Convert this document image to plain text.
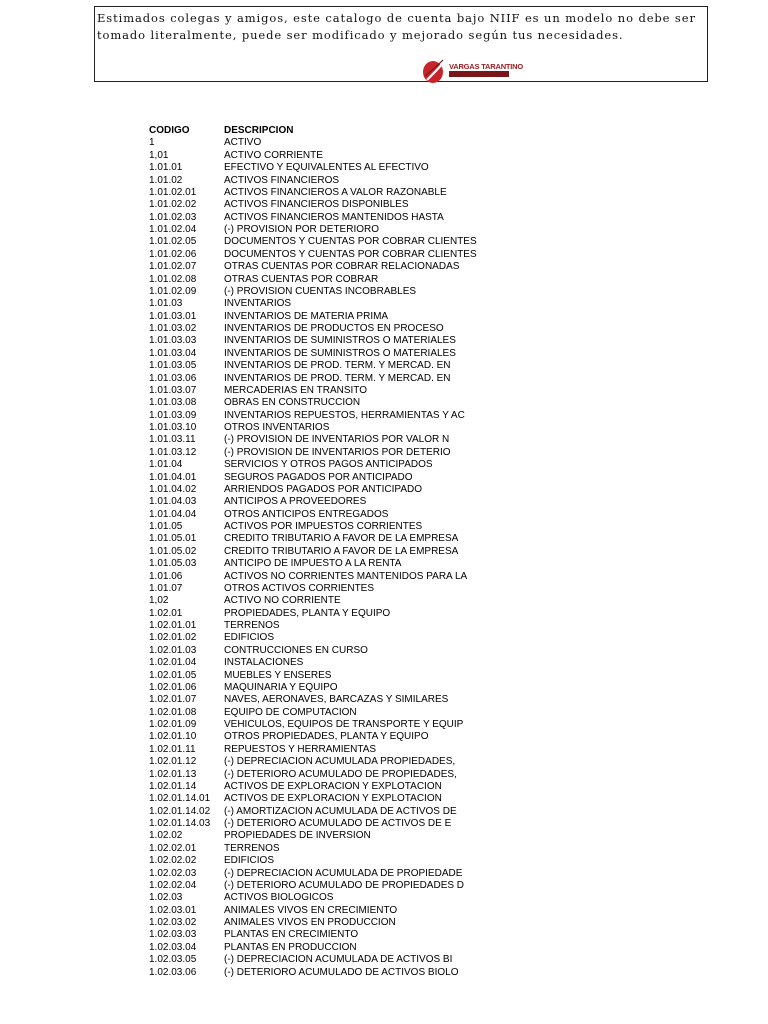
Estimados colegas y amigos, este catalogo de cuenta bajo NIIF es un modelo no debe ser tomado literalmente, puede ser modificado y mejorado según tus necesidades.
VARGAS TARANTINO
CODIGO	DESCRIPCION
1	ACTIVO
1,01	ACTIVO CORRIENTE
1.01.01	EFECTIVO Y EQUIVALENTES AL EFECTIVO
1.01.02	ACTIVOS FINANCIEROS
1.01.02.01	ACTIVOS FINANCIEROS A VALOR RAZONABLE
1.01.02.02	ACTIVOS FINANCIEROS DISPONIBLES
1.01.02.03	ACTIVOS FINANCIEROS MANTENIDOS HASTA
1.01.02.04	(-) PROVISION POR DETERIORO
1.01.02.05	DOCUMENTOS Y CUENTAS POR COBRAR CLIENTES
1.01.02.06	DOCUMENTOS Y CUENTAS POR COBRAR CLIENTES
1.01.02.07	OTRAS CUENTAS POR COBRAR RELACIONADAS
1.01.02.08	OTRAS CUENTAS POR COBRAR
1.01.02.09	(-) PROVISION CUENTAS INCOBRABLES
1.01.03	INVENTARIOS
1.01.03.01	INVENTARIOS DE MATERIA PRIMA
1.01.03.02	INVENTARIOS DE PRODUCTOS EN PROCESO
1.01.03.03	INVENTARIOS DE SUMINISTROS O MATERIALES
1.01.03.04	INVENTARIOS DE SUMINISTROS O MATERIALES
1.01.03.05	INVENTARIOS DE PROD. TERM. Y MERCAD. EN
1.01.03.06	INVENTARIOS DE PROD. TERM. Y MERCAD. EN
1.01.03.07	MERCADERIAS EN TRANSITO
1.01.03.08	OBRAS EN CONSTRUCCION
1.01.03.09	INVENTARIOS REPUESTOS, HERRAMIENTAS Y AC
1.01.03.10	OTROS INVENTARIOS
1.01.03.11	(-) PROVISION DE INVENTARIOS POR VALOR N
1.01.03.12	(-) PROVISION DE INVENTARIOS POR DETERIO
1.01.04	SERVICIOS Y OTROS PAGOS ANTICIPADOS
1.01.04.01	SEGUROS PAGADOS POR ANTICIPADO
1.01.04.02	ARRIENDOS PAGADOS POR ANTICIPADO
1.01.04.03	ANTICIPOS A PROVEEDORES
1.01.04.04	OTROS ANTICIPOS ENTREGADOS
1.01.05	ACTIVOS POR IMPUESTOS CORRIENTES
1.01.05.01	CREDITO TRIBUTARIO A FAVOR DE LA EMPRESA
1.01.05.02	CREDITO TRIBUTARIO A FAVOR DE LA EMPRESA
1.01.05.03	ANTICIPO DE IMPUESTO A LA RENTA
1.01.06	ACTIVOS NO CORRIENTES MANTENIDOS PARA LA
1.01.07	OTROS ACTIVOS CORRIENTES
1,02	ACTIVO NO CORRIENTE
1.02.01	PROPIEDADES, PLANTA Y EQUIPO
1.02.01.01	TERRENOS
1.02.01.02	EDIFICIOS
1.02.01.03	CONTRUCCIONES EN CURSO
1.02.01.04	INSTALACIONES
1.02.01.05	MUEBLES Y ENSERES
1.02.01.06	MAQUINARIA Y EQUIPO
1.02.01.07	NAVES, AERONAVES, BARCAZAS Y SIMILARES
1.02.01.08	EQUIPO DE COMPUTACION
1.02.01.09	VEHICULOS, EQUIPOS DE TRANSPORTE Y EQUIP
1.02.01.10	OTROS PROPIEDADES, PLANTA Y EQUIPO
1.02.01.11	REPUESTOS Y HERRAMIENTAS
1.02.01.12	(-) DEPRECIACION ACUMULADA PROPIEDADES,
1.02.01.13	(-) DETERIORO ACUMULADO DE PROPIEDADES,
1.02.01.14	ACTIVOS DE EXPLORACION Y EXPLOTACION
1.02.01.14.01	ACTIVOS DE EXPLORACION Y EXPLOTACION
1.02.01.14.02	(-) AMORTIZACION ACUMULADA DE ACTIVOS DE
1.02.01.14.03	(-) DETERIORO ACUMULADO DE ACTIVOS DE E
1.02.02	PROPIEDADES DE INVERSION
1.02.02.01	TERRENOS
1.02.02.02	EDIFICIOS
1.02.02.03	(-) DEPRECIACION ACUMULADA DE PROPIEDADE
1.02.02.04	(-) DETERIORO ACUMULADO DE PROPIEDADES D
1.02.03	ACTIVOS BIOLOGICOS
1.02.03.01	ANIMALES VIVOS EN CRECIMIENTO
1.02.03.02	ANIMALES VIVOS EN PRODUCCION
1.02.03.03	PLANTAS EN CRECIMIENTO
1.02.03.04	PLANTAS EN PRODUCCION
1.02.03.05	(-) DEPRECIACION ACUMULADA DE ACTIVOS BI
1.02.03.06	(-) DETERIORO ACUMULADO DE ACTIVOS BIOLO
